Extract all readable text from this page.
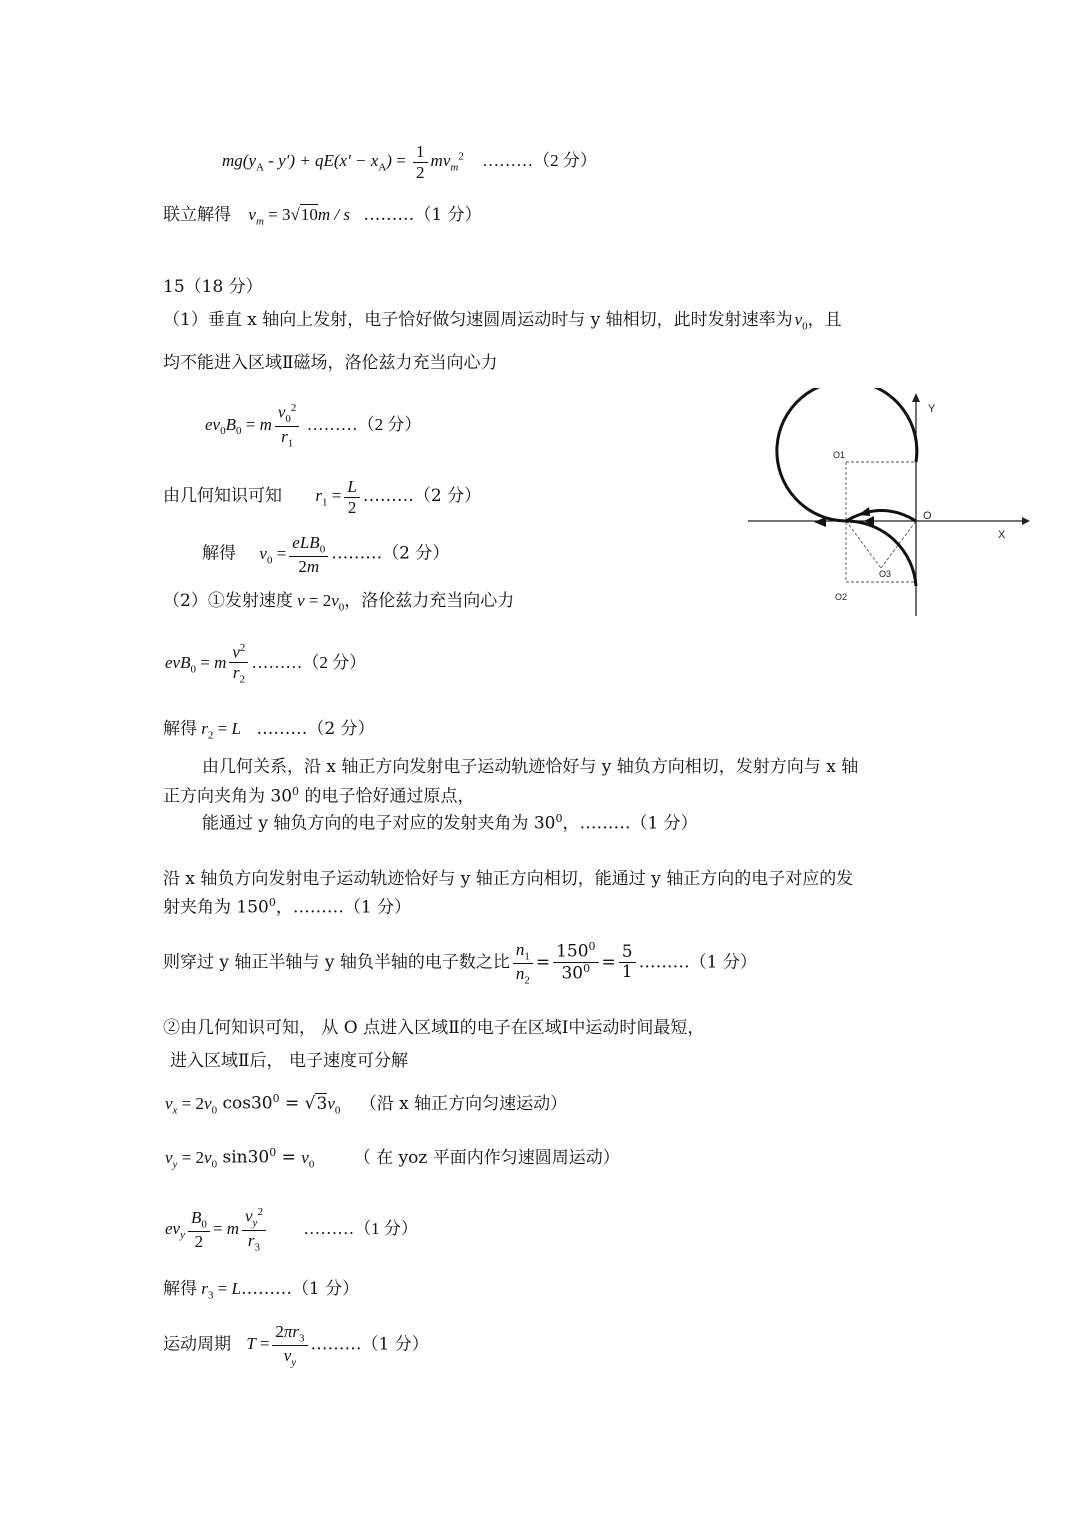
$mg(y_A - y') + qE(x' - x_A) = \frac{1}{2} mv_m^2$ ………（2 分）
联立解得 $v_m = 3√10m / s$ ………（1 分）
15（18 分）
（1）垂直 x 轴向上发射，电子恰好做匀速圆周运动时与 y 轴相切，此时发射速率为 $v_0$，且
均不能进入区域Ⅱ磁场，洛伦兹力充当向心力
$ev_0B_0 = m \frac{v_0^2}{r_1}$ ………（2 分）
由几何知识可知 $r_1 = \frac{L}{2}$ ………（2 分）
解得 $v_0 = \frac{eLB_0}{2m}$ ………（2 分）
（2）①发射速度 $v = 2v_0$，洛伦兹力充当向心力
evB$_0$ = m $\frac{v^2}{r_2}$ ………（2 分）
解得 $r_2 = L$ ………（2 分）
由几何关系，沿 x 轴正方向发射电子运动轨迹恰好与 y 轴负方向相切，发射方向与 x 轴
正方向夹角为 $30^0$ 的电子恰好通过原点，
能通过 y 轴负方向的电子对应的发射夹角为 $30^0$，………（1 分）
沿 x 轴负方向发射电子运动轨迹恰好与 y 轴正方向相切，能通过 y 轴正方向的电子对应的发
射夹角为 $150^0$，………（1 分）
则穿过 y 轴正半轴与 y 轴负半轴的电子数之比 $\frac{n_1}{n_2} = \frac{150^0}{30^0} = \frac{5}{1}$ ………（1 分）
②由几何知识可知， 从 O 点进入区域Ⅱ的电子在区域Ⅰ中运动时间最短，
进入区域Ⅱ后， 电子速度可分解
$v_x = 2v_0$ $\cos 30^0 = √3v_0$ （沿 x 轴正方向匀速运动）
$v_y = 2v_0$ $\sin 30^0 = v_0$ （ 在 yoz 平面内作匀速圆周运动）
$ev_y \frac{B_0}{2} = m \frac{v_y^2}{r_3}$ ………（1 分）
解得 $r_3$ = L………（1 分）
运动周期 $T = \frac{2\pi r_3}{v_y}$ ………（1 分）
Y
X
O
O1
O2
O3
